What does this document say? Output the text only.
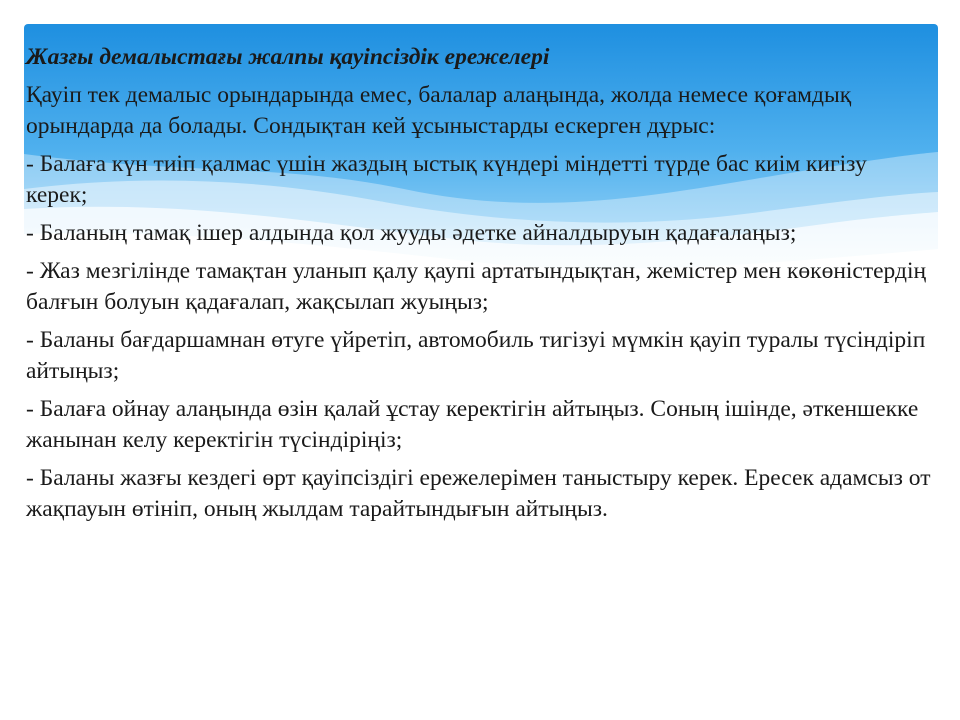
Жазғы демалыстағы жалпы қауіпсіздік ережелері

Қауіп тек демалыс орындарында емес, балалар алаңында, жолда немесе қоғамдық орындарда да болады. Сондықтан кей ұсыныстарды ескерген дұрыс:

- Балаға күн тиіп қалмас үшін жаздың ыстық күндері міндетті түрде бас киім кигізу керек;

- Баланың тамақ ішер алдында қол жууды әдетке айналдыруын қадағалаңыз;

- Жаз мезгілінде тамақтан уланып қалу қаупі артатындықтан, жемістер мен көкөністердің балғын болуын қадағалап, жақсылап жуыңыз;

- Баланы бағдаршамнан өтуге үйретіп, автомобиль тигізуі мүмкін қауіп туралы түсіндіріп айтыңыз;

- Балаға ойнау алаңында өзін қалай ұстау керектігін айтыңыз. Соның ішінде, әткеншекке жанынан келу керектігін түсіндіріңіз;

- Баланы жазғы кездегі өрт қауіпсіздігі ережелерімен таныстыру керек. Ересек адамсыз от жақпауын өтініп, оның жылдам тарайтындығын айтыңыз.
